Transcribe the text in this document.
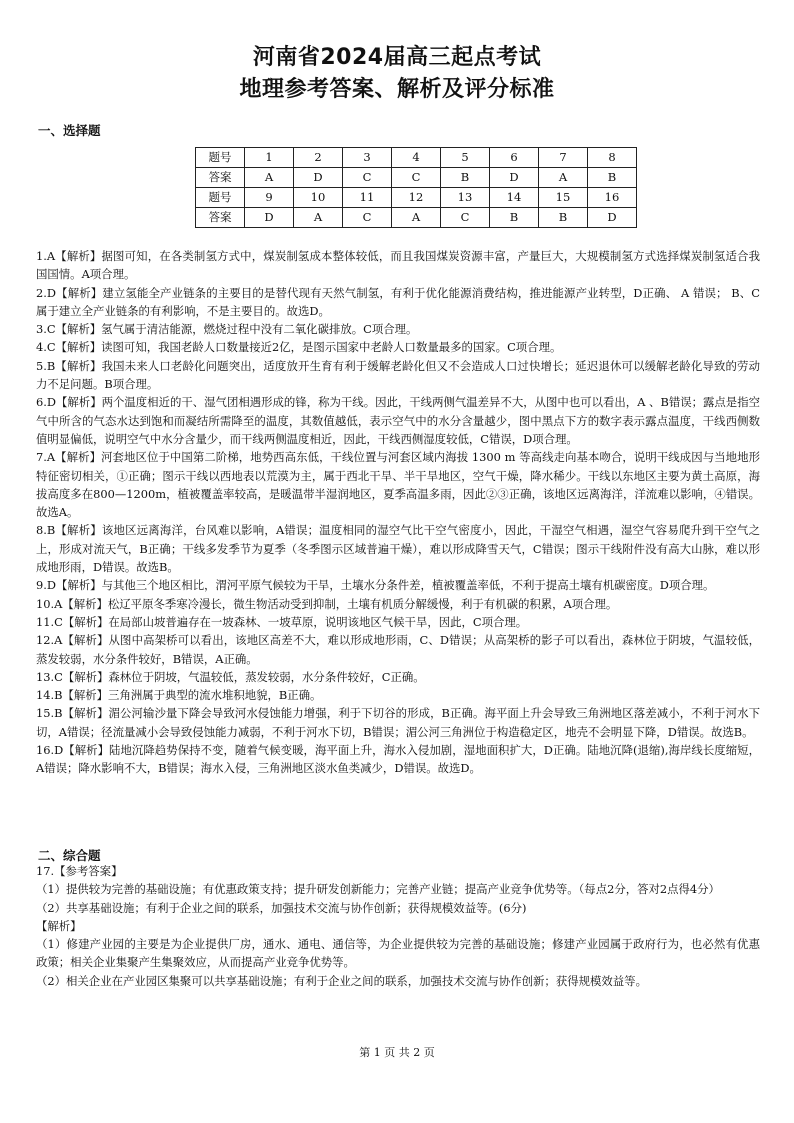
河南省2024届高三起点考试
地理参考答案、解析及评分标准
一、选择题
题号	1	2	3	4	5	6	7	8
答案	A	D	C	C	B	D	A	B
题号	9	10	11	12	13	14	15	16
答案	D	A	C	A	C	B	B	D

1.A【解析】据图可知，在各类制氢方式中，煤炭制氢成本整体较低，而且我国煤炭资源丰富，产量巨大，大规模制氢方式选择煤炭制氢适合我国国情。A项合理。

2.D【解析】建立氢能全产业链条的主要目的是替代现有天然气制氢，有利于优化能源消费结构，推进能源产业转型，D正确、 A 错误； B、C 属于建立全产业链条的有利影响，不是主要目的。故选D。

3.C【解析】氢气属于清洁能源，燃烧过程中没有二氧化碳排放。C项合理。

4.C【解析】读图可知，我国老龄人口数量接近2亿，是图示国家中老龄人口数量最多的国家。C项合理。

5.B【解析】我国未来人口老龄化问题突出，适度放开生育有利于缓解老龄化但又不会造成人口过快增长；延迟退休可以缓解老龄化导致的劳动力不足问题。B项合理。

6.D【解析】两个温度相近的干、湿气团相遇形成的锋，称为干线。因此，干线两侧气温差异不大，从图中也可以看出，A 、B错误；露点是指空气中所含的气态水达到饱和而凝结所需降至的温度，其数值越低，表示空气中的水分含量越少，图中黑点下方的数字表示露点温度，干线西侧数值明显偏低，说明空气中水分含量少，而干线两侧温度相近，因此，干线西侧湿度较低，C错误，D项合理。

7.A【解析】河套地区位于中国第二阶梯，地势西高东低，干线位置与河套区域内海拔 1300 m 等高线走向基本吻合，说明干线成因与当地地形特征密切相关，①正确；图示干线以西地表以荒漠为主，属于西北干旱、半干旱地区，空气干燥，降水稀少。干线以东地区主要为黄土高原，海拔高度多在800—1200m，植被覆盖率较高，是暖温带半湿润地区，夏季高温多雨，因此②③正确，该地区远离海洋，洋流难以影响，④错误。故选A。

8.B【解析】该地区远离海洋，台风难以影响，A错误；温度相同的湿空气比干空气密度小，因此，干湿空气相遇，湿空气容易爬升到干空气之上，形成对流天气，B正确；干线多发季节为夏季（冬季图示区域普遍干燥），难以形成降雪天气，C错误；图示干线附件没有高大山脉，难以形成地形雨，D错误。故选B。

9.D【解析】与其他三个地区相比，渭河平原气候较为干旱，土壤水分条件差，植被覆盖率低，不利于提高土壤有机碳密度。D项合理。

10.A【解析】松辽平原冬季寒冷漫长，微生物活动受到抑制，土壤有机质分解缓慢，利于有机碳的积累，A项合理。

11.C【解析】在局部山坡普遍存在一坡森林、一坡草原，说明该地区气候干旱，因此，C项合理。

12.A【解析】从图中高架桥可以看出，该地区高差不大，难以形成地形雨，C、D错误；从高架桥的影子可以看出，森林位于阴坡，气温较低，蒸发较弱，水分条件较好，B错误，A正确。

13.C【解析】森林位于阴坡，气温较低，蒸发较弱，水分条件较好，C正确。

14.B【解析】三角洲属于典型的流水堆积地貌，B正确。

15.B【解析】湄公河输沙量下降会导致河水侵蚀能力增强，利于下切谷的形成，B正确。海平面上升会导致三角洲地区落差减小，不利于河水下切，A错误；径流量减小会导致侵蚀能力减弱，不利于河水下切，B错误；湄公河三角洲位于构造稳定区，地壳不会明显下降，D错误。故选B。

16.D【解析】陆地沉降趋势保持不变，随着气候变暖，海平面上升，海水入侵加剧，湿地面积扩大，D正确。陆地沉降(退缩),海岸线长度缩短，A错误；降水影响不大，B错误；海水入侵，三角洲地区淡水鱼类减少，D错误。故选D。

二、综合题

17.【参考答案】

（1）提供较为完善的基础设施；有优惠政策支持；提升研发创新能力；完善产业链；提高产业竞争优势等。（每点2分，答对2点得4分）

（2）共享基础设施；有利于企业之间的联系，加强技术交流与协作创新；获得规模效益等。(6分)

【解析】

（1）修建产业园的主要是为企业提供厂房，通水、通电、通信等，为企业提供较为完善的基础设施；修建产业园属于政府行为，也必然有优惠政策；相关企业集聚产生集聚效应，从而提高产业竞争优势等。

（2）相关企业在产业园区集聚可以共享基础设施；有利于企业之间的联系，加强技术交流与协作创新；获得规模效益等。

第 1 页 共 2 页
